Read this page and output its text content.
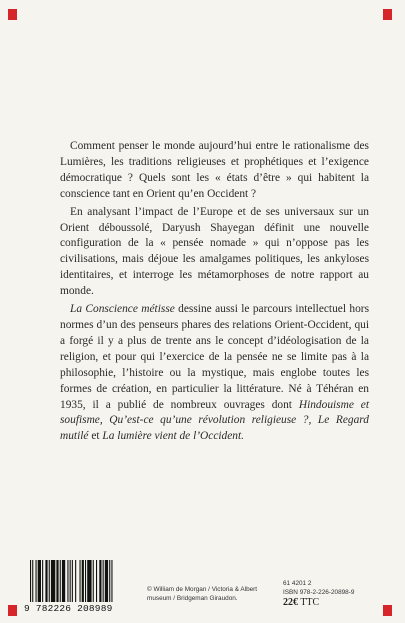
Comment penser le monde aujourd’hui entre le rationalisme des Lumières, les traditions religieuses et prophétiques et l’exigence démocratique ? Quels sont les « états d’être » qui habitent la conscience tant en Orient qu’en Occident ?

En analysant l’impact de l’Europe et de ses universaux sur un Orient déboussolé, Daryush Shayegan définit une nouvelle configuration de la « pensée nomade » qui n’oppose pas les civilisations, mais déjoue les amalgames politiques, les ankyloses identitaires, et interroge les métamorphoses de notre rapport au monde.

La Conscience métisse dessine aussi le parcours intellectuel hors normes d’un des penseurs phares des relations Orient-Occident, qui a forgé il y a plus de trente ans le concept d’idéologisation de la religion, et pour qui l’exercice de la pensée ne se limite pas à la philosophie, l’histoire ou la mystique, mais englobe toutes les formes de création, en particulier la littérature. Né à Téhéran en 1935, il a publié de nombreux ouvrages dont Hindouisme et soufisme, Qu’est-ce qu’une révolution religieuse ?, Le Regard mutilé et La lumière vient de l’Occident.

9 782226 208989
© William de Morgan / Victoria & Albert
museum / Bridgeman Giraudon.
61 4201 2
ISBN 978-2-226-20898-9
22€ TTC
